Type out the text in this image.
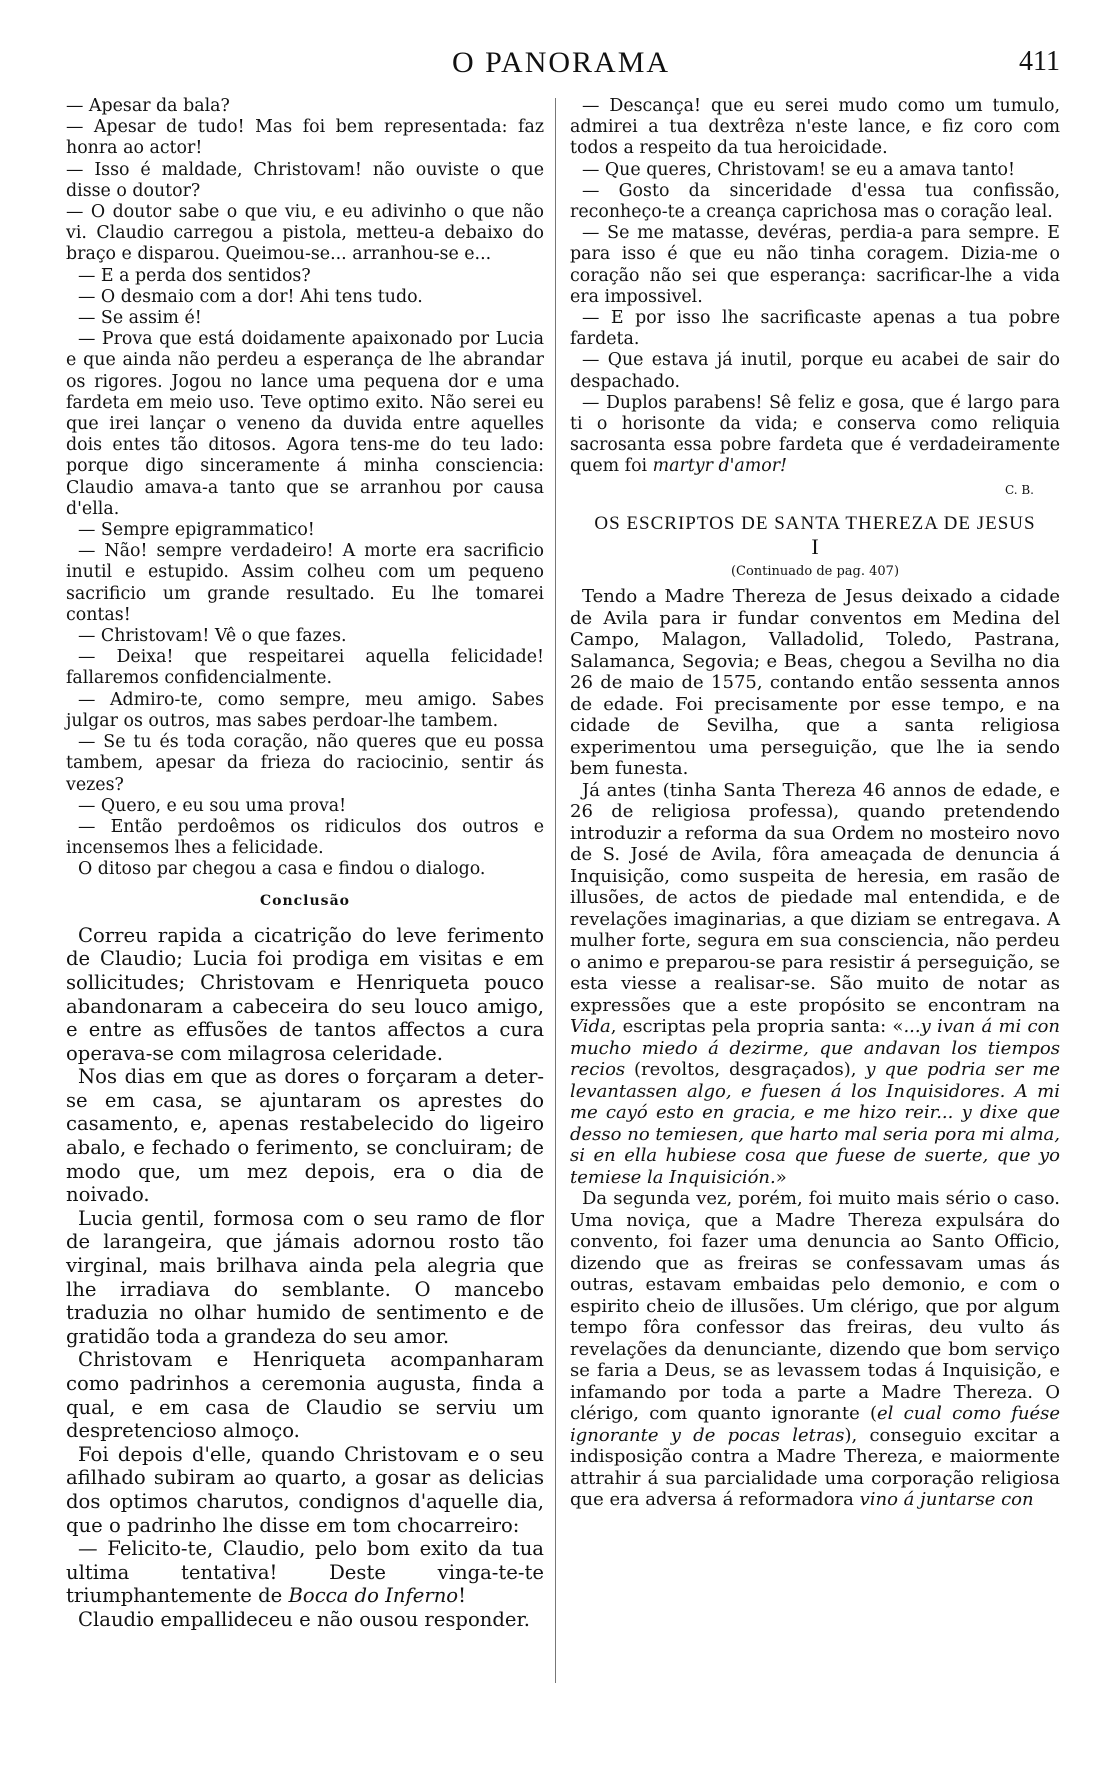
O PANORAMA	411

— Apesar da bala?

— Apesar de tudo! Mas foi bem representada: faz honra ao actor!

— Isso é maldade, Christovam! não ouviste o que disse o doutor?

— O doutor sabe o que viu, e eu adivinho o que não vi. Claudio carregou a pistola, metteu-a debaixo do braço e disparou. Queimou-se... arranhou-se e...

— E a perda dos sentidos?

— O desmaio com a dor! Ahi tens tudo.

— Se assim é!

— Prova que está doidamente apaixonado por Lucia e que ainda não perdeu a esperança de lhe abrandar os rigores. Jogou no lance uma pequena dor e uma fardeta em meio uso. Teve optimo exito. Não serei eu que irei lançar o veneno da duvida entre aquelles dois entes tão ditosos. Agora tens-me do teu lado: porque digo sinceramente á minha consciencia: Claudio amava-a tanto que se arranhou por causa d'ella.

— Sempre epigrammatico!

— Não! sempre verdadeiro! A morte era sacrificio inutil e estupido. Assim colheu com um pequeno sacrificio um grande resultado. Eu lhe tomarei contas!

— Christovam! Vê o que fazes.

— Deixa! que respeitarei aquella felicidade! fallaremos confidencialmente.

— Admiro-te, como sempre, meu amigo. Sabes julgar os outros, mas sabes perdoar-lhe tambem.

— Se tu és toda coração, não queres que eu possa tambem, apesar da frieza do raciocinio, sentir ás vezes?

— Quero, e eu sou uma prova!

— Então perdoêmos os ridiculos dos outros e incensemos lhes a felicidade.

O ditoso par chegou a casa e findou o dialogo.

Conclusão

Correu rapida a cicatrição do leve ferimento de Claudio; Lucia foi prodiga em visitas e em sollicitudes; Christovam e Henriqueta pouco abandonaram a cabeceira do seu louco amigo, e entre as effusões de tantos affectos a cura operava-se com milagrosa celeridade.

Nos dias em que as dores o forçaram a deter-se em casa, se ajuntaram os aprestes do casamento, e, apenas restabelecido do ligeiro abalo, e fechado o ferimento, se concluiram; de modo que, um mez depois, era o dia de noivado.

Lucia gentil, formosa com o seu ramo de flor de larangeira, que jámais adornou rosto tão virginal, mais brilhava ainda pela alegria que lhe irradiava do semblante. O mancebo traduzia no olhar humido de sentimento e de gratidão toda a grandeza do seu amor.

Christovam e Henriqueta acompanharam como padrinhos a ceremonia augusta, finda a qual, e em casa de Claudio se serviu um despretencioso almoço.

Foi depois d'elle, quando Christovam e o seu afilhado subiram ao quarto, a gosar as delicias dos optimos charutos, condignos d'aquelle dia, que o padrinho lhe disse em tom chocarreiro:

— Felicito-te, Claudio, pelo bom exito da tua ultima tentativa! Deste vinga-te-te triumphantemente de Bocca do Inferno!

Claudio empallideceu e não ousou responder.

— Descança! que eu serei mudo como um tumulo, admirei a tua dextrêza n'este lance, e fiz coro com todos a respeito da tua heroicidade.

— Que queres, Christovam! se eu a amava tanto!

— Gosto da sinceridade d'essa tua confissão, reconheço-te a creança caprichosa mas o coração leal.

— Se me matasse, devéras, perdia-a para sempre. E para isso é que eu não tinha coragem. Dizia-me o coração não sei que esperança: sacrificar-lhe a vida era impossivel.

— E por isso lhe sacrificaste apenas a tua pobre fardeta.

— Que estava já inutil, porque eu acabei de sair do despachado.

— Duplos parabens! Sê feliz e gosa, que é largo para ti o horisonte da vida; e conserva como reliquia sacrosanta essa pobre fardeta que é verdadeiramente quem foi martyr d'amor!

C. B.
OS ESCRIPTOS DE SANTA THEREZA DE JESUS
I
(Continuado de pag. 407)

Tendo a Madre Thereza de Jesus deixado a cidade de Avila para ir fundar conventos em Medina del Campo, Malagon, Valladolid, Toledo, Pastrana, Salamanca, Segovia; e Beas, chegou a Sevilha no dia 26 de maio de 1575, contando então sessenta annos de edade. Foi precisamente por esse tempo, e na cidade de Sevilha, que a santa religiosa experimentou uma perseguição, que lhe ia sendo bem funesta.

Já antes (tinha Santa Thereza 46 annos de edade, e 26 de religiosa professa), quando pretendendo introduzir a reforma da sua Ordem no mosteiro novo de S. José de Avila, fôra ameaçada de denuncia á Inquisição, como suspeita de heresia, em rasão de illusões, de actos de piedade mal entendida, e de revelações imaginarias, a que diziam se entregava. A mulher forte, segura em sua consciencia, não perdeu o animo e preparou-se para resistir á perseguição, se esta viesse a realisar-se. São muito de notar as expressões que a este propósito se encontram na Vida, escriptas pela propria santa: «...y ivan á mi con mucho miedo á dezirme, que andavan los tiempos recios (revoltos, desgraçados), y que podria ser me levantassen algo, e fuesen á los Inquisidores. A mi me cayó esto en gracia, e me hizo reir... y dixe que desso no temiesen, que harto mal seria pora mi alma, si en ella hubiese cosa que fuese de suerte, que yo temiese la Inquisición.»

Da segunda vez, porém, foi muito mais sério o caso. Uma noviça, que a Madre Thereza expulsára do convento, foi fazer uma denuncia ao Santo Officio, dizendo que as freiras se confessavam umas ás outras, estavam embaidas pelo demonio, e com o espirito cheio de illusões. Um clérigo, que por algum tempo fôra confessor das freiras, deu vulto ás revelações da denunciante, dizendo que bom serviço se faria a Deus, se as levassem todas á Inquisição, e infamando por toda a parte a Madre Thereza. O clérigo, com quanto ignorante (el cual como fuése ignorante y de pocas letras), conseguio excitar a indisposição contra a Madre Thereza, e maiormente attrahir á sua parcialidade uma corporação religiosa que era adversa á reformadora vino á juntarse con
